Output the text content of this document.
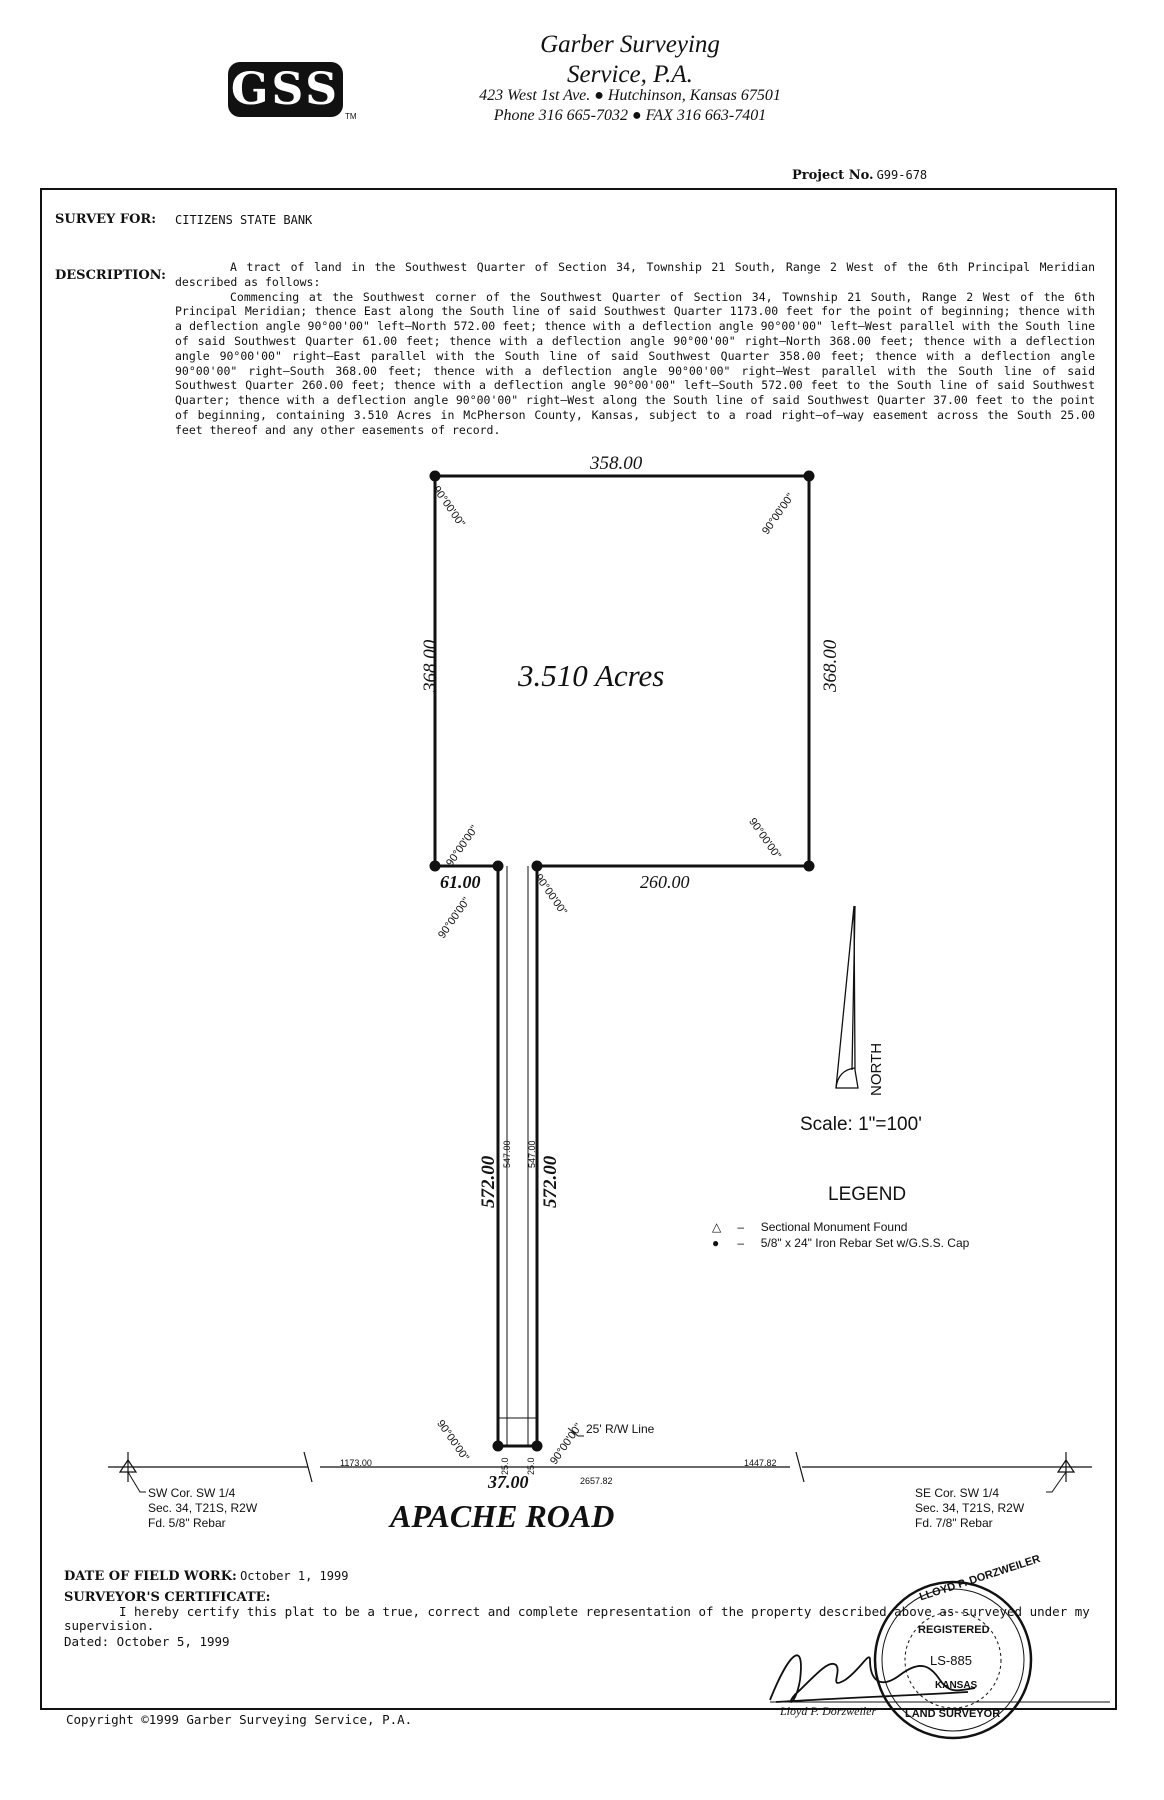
GSS
TM
Garber Surveying
Service, P.A.
423 West 1st Ave. ● Hutchinson, Kansas 67501
Phone 316 665-7032 ● FAX 316 663-7401
Project No. G99-678
SURVEY FOR: CITIZENS STATE BANK
DESCRIPTION:

A tract of land in the Southwest Quarter of Section 34, Township 21 South, Range 2 West of the 6th Principal Meridian described as follows:

Commencing at the Southwest corner of the Southwest Quarter of Section 34, Township 21 South, Range 2 West of the 6th Principal Meridian; thence East along the South line of said Southwest Quarter 1173.00 feet for the point of beginning; thence with a deflection angle 90°00'00" left–North 572.00 feet; thence with a deflection angle 90°00'00" left–West parallel with the South line of said Southwest Quarter 61.00 feet; thence with a deflection angle 90°00'00" right–North 368.00 feet; thence with a deflection angle 90°00'00" right–East parallel with the South line of said Southwest Quarter 358.00 feet; thence with a deflection angle 90°00'00" right–South 368.00 feet; thence with a deflection angle 90°00'00" right–West parallel with the South line of said Southwest Quarter 260.00 feet; thence with a deflection angle 90°00'00" left–South 572.00 feet to the South line of said Southwest Quarter; thence with a deflection angle 90°00'00" right–West along the South line of said Southwest Quarter 37.00 feet to the point of beginning, containing 3.510 Acres in McPherson County, Kansas, subject to a road right–of–way easement across the South 25.00 feet thereof and any other easements of record.

358.00
368.00	368.00
3.510 Acres
61.00	260.00
572.00 572.00
547.00 547.00
25.0 25.0
37.00
90°00'00"	90°00'00"
90°00'00"	90°00'00"
90°00'00"
90°00'00"
90°00'00"	90°00'00" 25' R/W Line
1173.00
2657.82
1447.82
SW Cor. SW 1/4
Sec. 34, T21S, R2W
Fd. 5/8" Rebar
SE Cor. SW 1/4
Sec. 34, T21S, R2W
Fd. 7/8" Rebar
APACHE ROAD
NORTH
Scale: 1"=100'
LEGEND
△ – Sectional Monument Found
● – 5/8" x 24" Iron Rebar Set w/G.S.S. Cap
DATE OF FIELD WORK: October 1, 1999
SURVEYOR'S CERTIFICATE:
I hereby certify this plat to be a true, correct and complete representation of the property described above as surveyed under my supervision.
Dated: October 5, 1999
Copyright ©1999 Garber Surveying Service, P.A.
Lloyd P. Dorzweiler
LLOYD P. DORZWEILER
REGISTERED
LS-885
KANSAS
LAND SURVEYOR
